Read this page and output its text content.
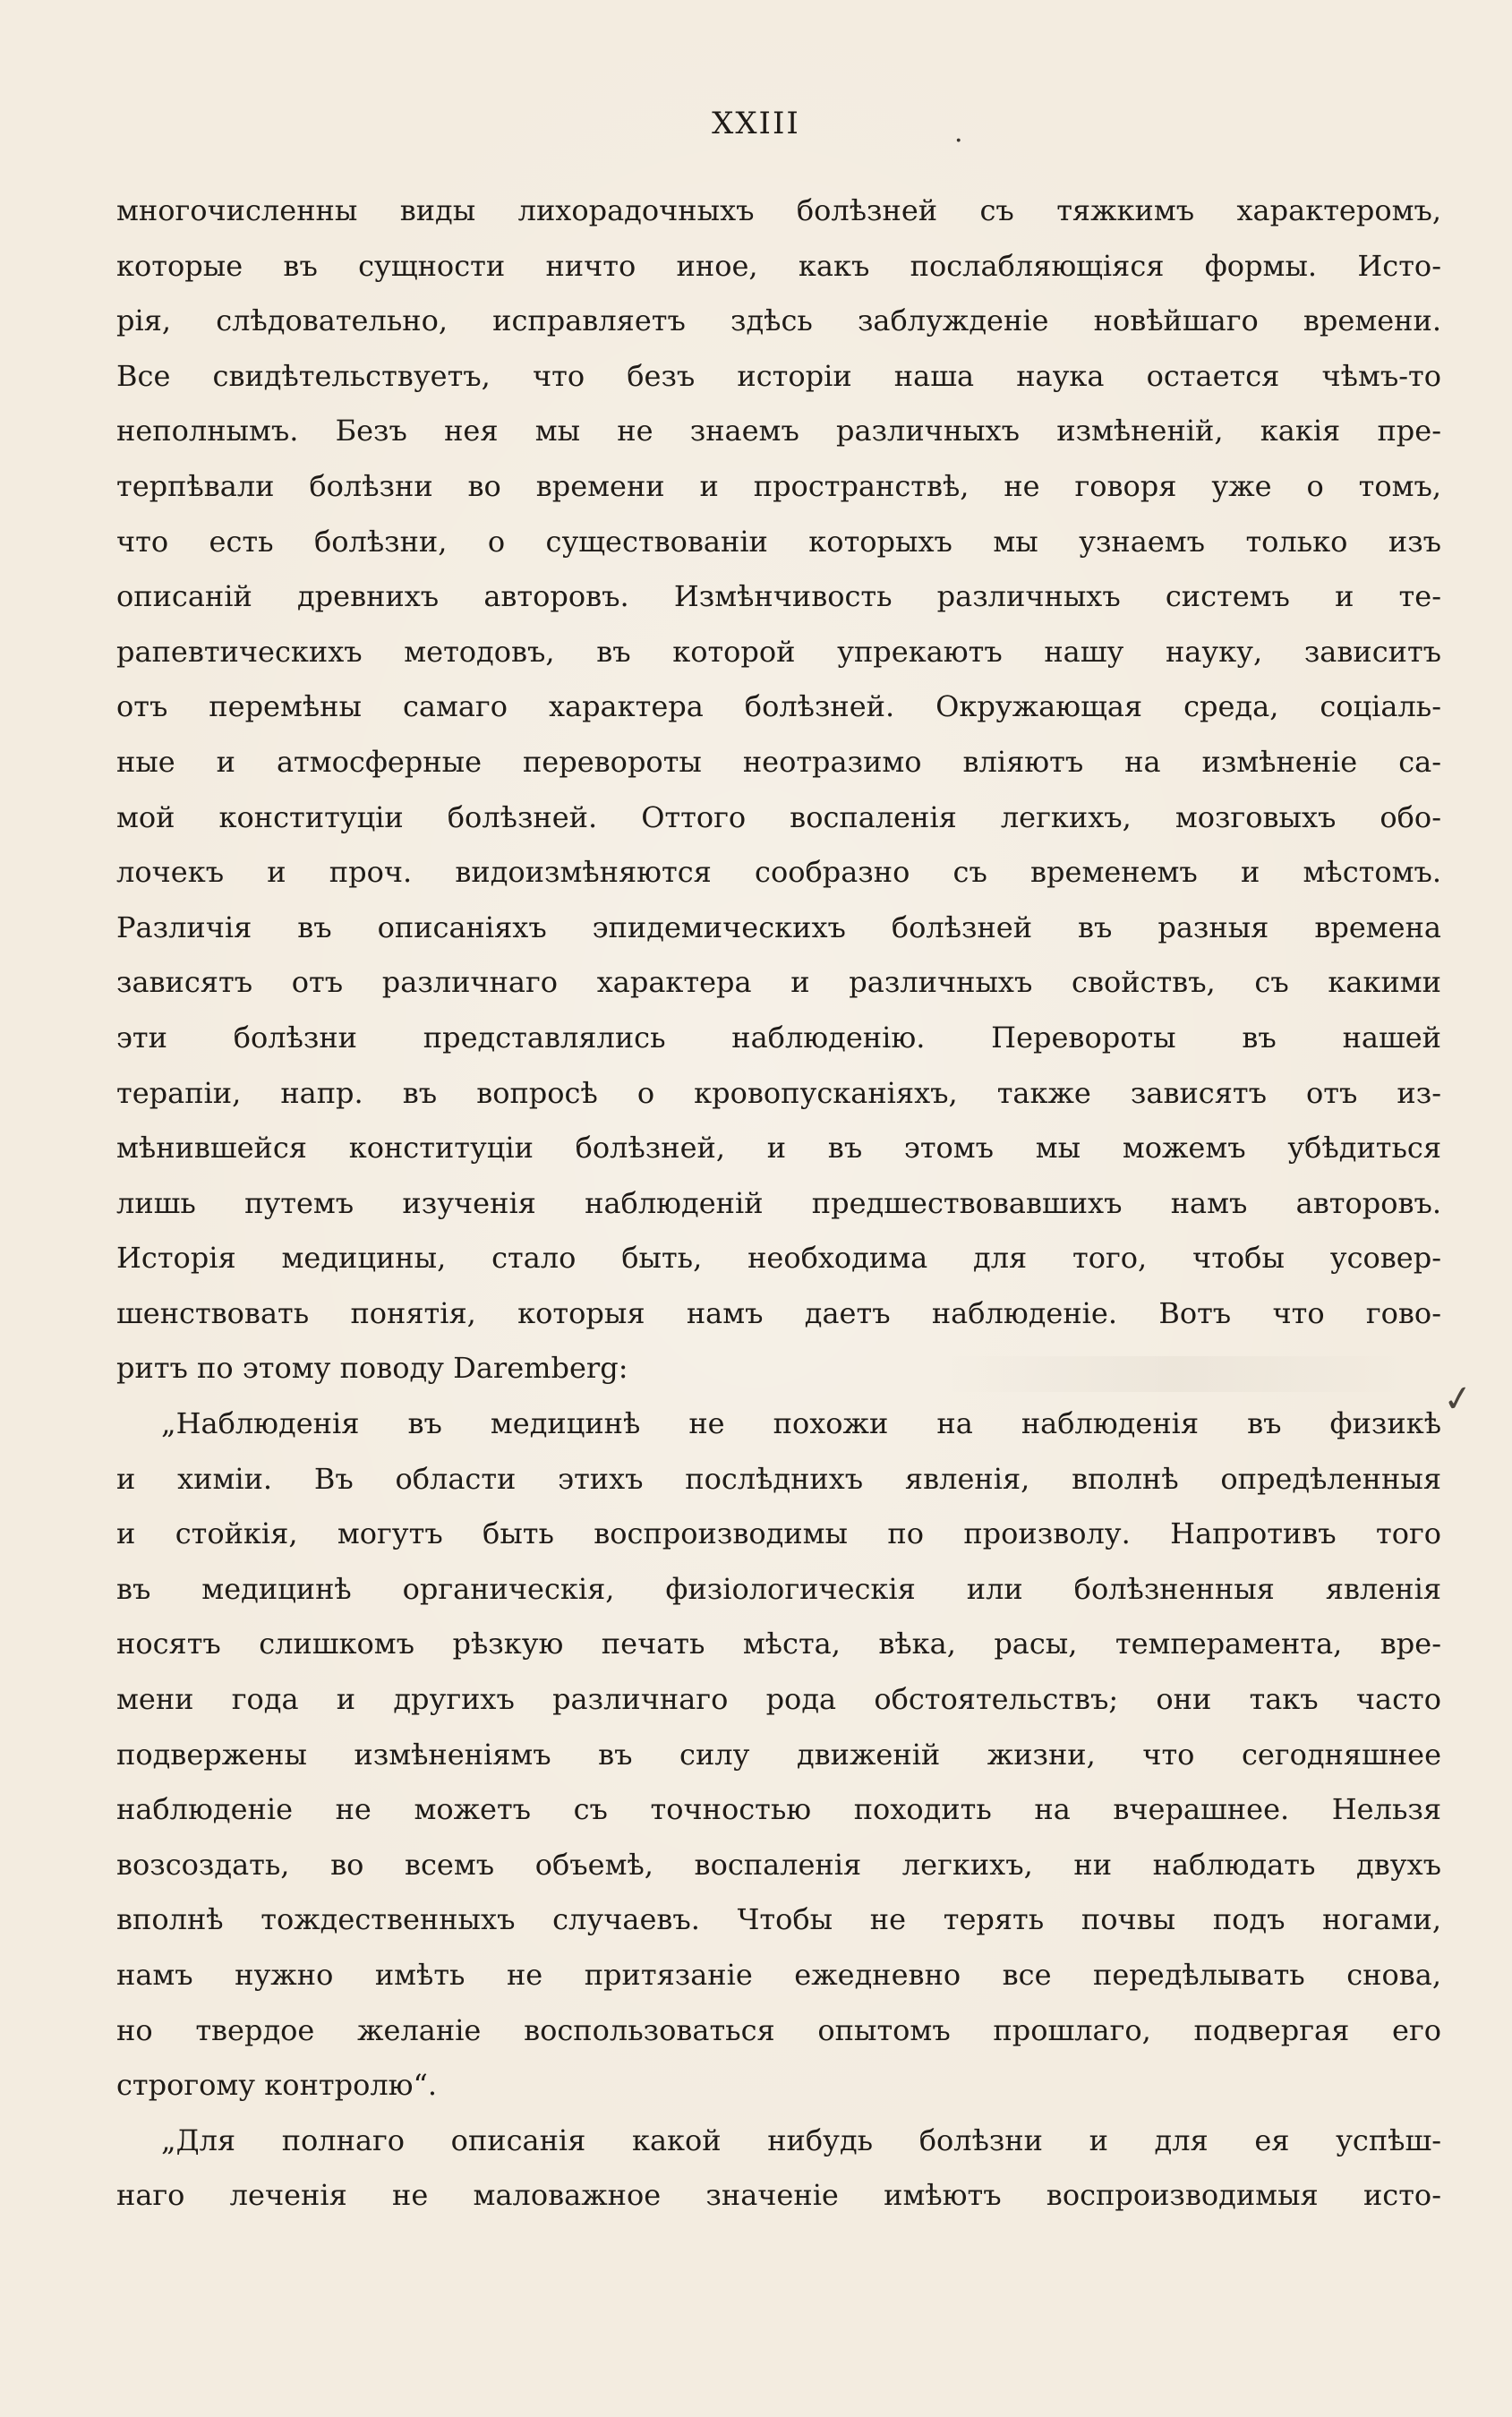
XXIII	·
✓
многочисленны виды лихорадочныхъ болѣзней съ тяжкимъ характеромъ,
которые въ сущности ничто иное, какъ послабляющіяся формы. Исто-
рія, слѣдовательно, исправляетъ здѣсь заблужденіе новѣйшаго времени.
Все свидѣтельствуетъ, что безъ исторіи наша наука остается чѣмъ-то
неполнымъ. Безъ нея мы не знаемъ различныхъ измѣненій, какія пре-
терпѣвали болѣзни во времени и пространствѣ, не говоря уже о томъ,
что есть болѣзни, о существованіи которыхъ мы узнаемъ только изъ
описаній древнихъ авторовъ. Измѣнчивость различныхъ системъ и те-
рапевтическихъ методовъ, въ которой упрекаютъ нашу науку, зависитъ
отъ перемѣны самаго характера болѣзней. Окружающая среда, соціаль-
ные и атмосферные перевороты неотразимо вліяютъ на измѣненіе са-
мой конституціи болѣзней. Оттого воспаленія легкихъ, мозговыхъ обо-
лочекъ и проч. видоизмѣняются сообразно съ временемъ и мѣстомъ.
Различія въ описаніяхъ эпидемическихъ болѣзней въ разныя времена
зависятъ отъ различнаго характера и различныхъ свойствъ, съ какими
эти болѣзни представлялись наблюденію. Перевороты въ нашей
терапіи, напр. въ вопросѣ о кровопусканіяхъ, также зависятъ отъ из-
мѣнившейся конституціи болѣзней, и въ этомъ мы можемъ убѣдиться
лишь путемъ изученія наблюденій предшествовавшихъ намъ авторовъ.
Исторія медицины, стало быть, необходима для того, чтобы усовер-
шенствовать понятія, которыя намъ даетъ наблюденіе. Вотъ что гово-
ритъ по этому поводу Daremberg:
„Наблюденія въ медицинѣ не похожи на наблюденія въ физикѣ
и химіи. Въ области этихъ послѣднихъ явленія, вполнѣ опредѣленныя
и стойкія, могутъ быть воспроизводимы по произволу. Напротивъ того
въ медицинѣ органическія, физіологическія или болѣзненныя явленія
носятъ слишкомъ рѣзкую печать мѣста, вѣка, расы, темперамента, вре-
мени года и другихъ различнаго рода обстоятельствъ; они такъ часто
подвержены измѣненіямъ въ силу движеній жизни, что сегодняшнее
наблюденіе не можетъ съ точностью походить на вчерашнее. Нельзя
возсоздать, во всемъ объемѣ, воспаленія легкихъ, ни наблюдать двухъ
вполнѣ тождественныхъ случаевъ. Чтобы не терять почвы подъ ногами,
намъ нужно имѣть не притязаніе ежедневно все передѣлывать снова,
но твердое желаніе воспользоваться опытомъ прошлаго, подвергая его
строгому контролю“.
„Для полнаго описанія какой нибудь болѣзни и для ея успѣш-
наго леченія не маловажное значеніе имѣютъ воспроизводимыя исто-
